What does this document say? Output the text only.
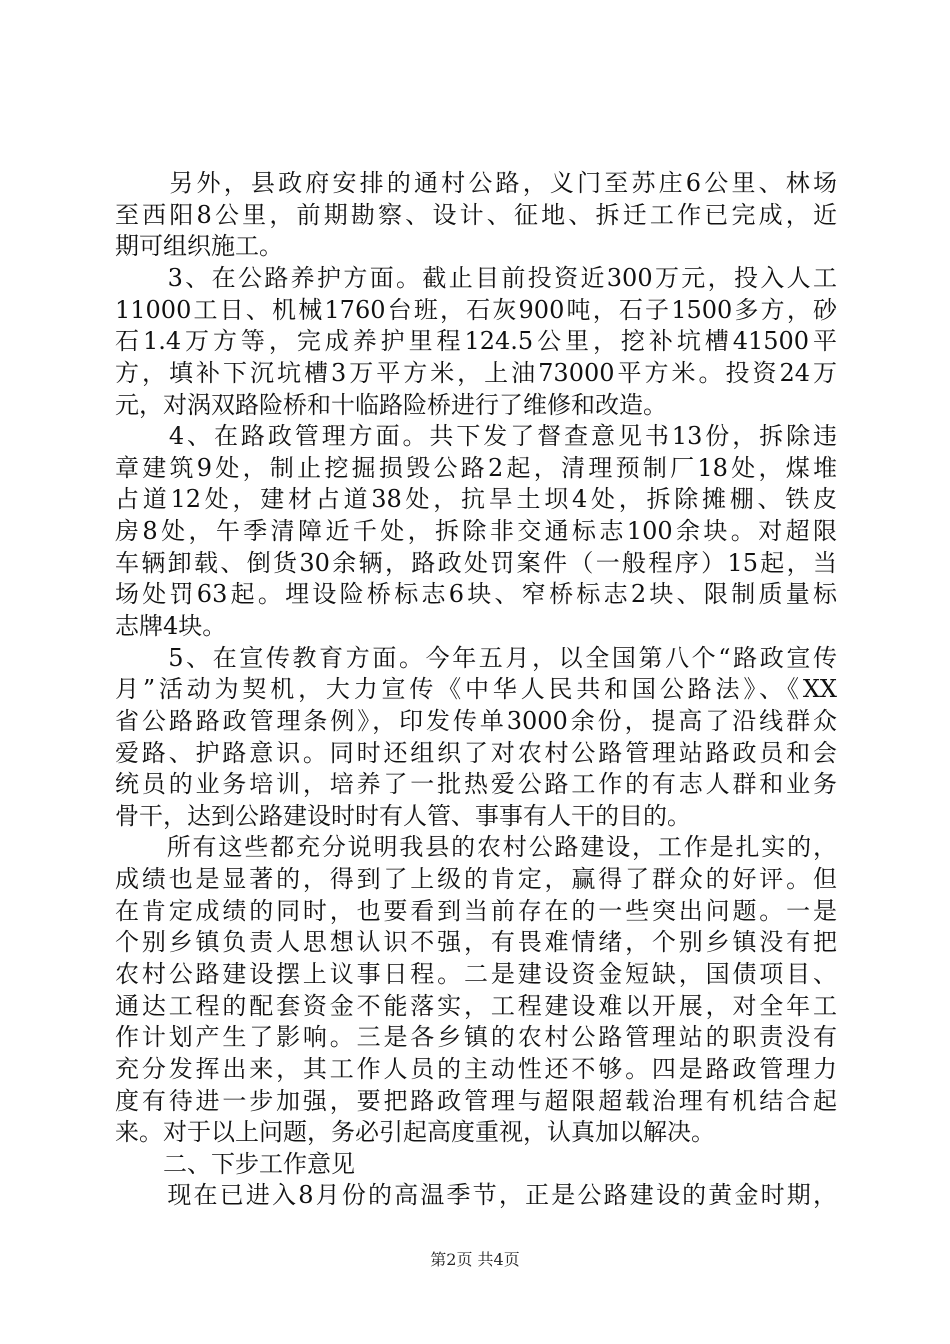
　　另外，县政府安排的通村公路，义门至苏庄6公里、林场
至西阳8公里，前期勘察、设计、征地、拆迁工作已完成，近
期可组织施工。
　　3、在公路养护方面。截止目前投资近300万元，投入人工
11000工日、机械1760台班，石灰900吨，石子1500多方，砂
石1.4万方等，完成养护里程124.5公里，挖补坑槽41500平
方，填补下沉坑槽3万平方米，上油73000平方米。投资24万
元，对涡双路险桥和十临路险桥进行了维修和改造。
　　4、在路政管理方面。共下发了督查意见书13份，拆除违
章建筑9处，制止挖掘损毁公路2起，清理预制厂18处，煤堆
占道12处，建材占道38处，抗旱土坝4处，拆除摊棚、铁皮
房8处，午季清障近千处，拆除非交通标志100余块。对超限
车辆卸载、倒货30余辆，路政处罚案件（一般程序）15起，当
场处罚63起。埋设险桥标志6块、窄桥标志2块、限制质量标
志牌4块。
　　5、在宣传教育方面。今年五月，以全国第八个“路政宣传
月”活动为契机，大力宣传《中华人民共和国公路法》、《XX
省公路路政管理条例》，印发传单3000余份，提高了沿线群众
爱路、护路意识。同时还组织了对农村公路管理站路政员和会
统员的业务培训，培养了一批热爱公路工作的有志人群和业务
骨干，达到公路建设时时有人管、事事有人干的目的。
　　所有这些都充分说明我县的农村公路建设，工作是扎实的，
成绩也是显著的，得到了上级的肯定，赢得了群众的好评。但
在肯定成绩的同时，也要看到当前存在的一些突出问题。一是
个别乡镇负责人思想认识不强，有畏难情绪，个别乡镇没有把
农村公路建设摆上议事日程。二是建设资金短缺，国债项目、
通达工程的配套资金不能落实，工程建设难以开展，对全年工
作计划产生了影响。三是各乡镇的农村公路管理站的职责没有
充分发挥出来，其工作人员的主动性还不够。四是路政管理力
度有待进一步加强，要把路政管理与超限超载治理有机结合起
来。对于以上问题，务必引起高度重视，认真加以解决。
　　二、下步工作意见
　　现在已进入8月份的高温季节，正是公路建设的黄金时期，
第2页 共4页
